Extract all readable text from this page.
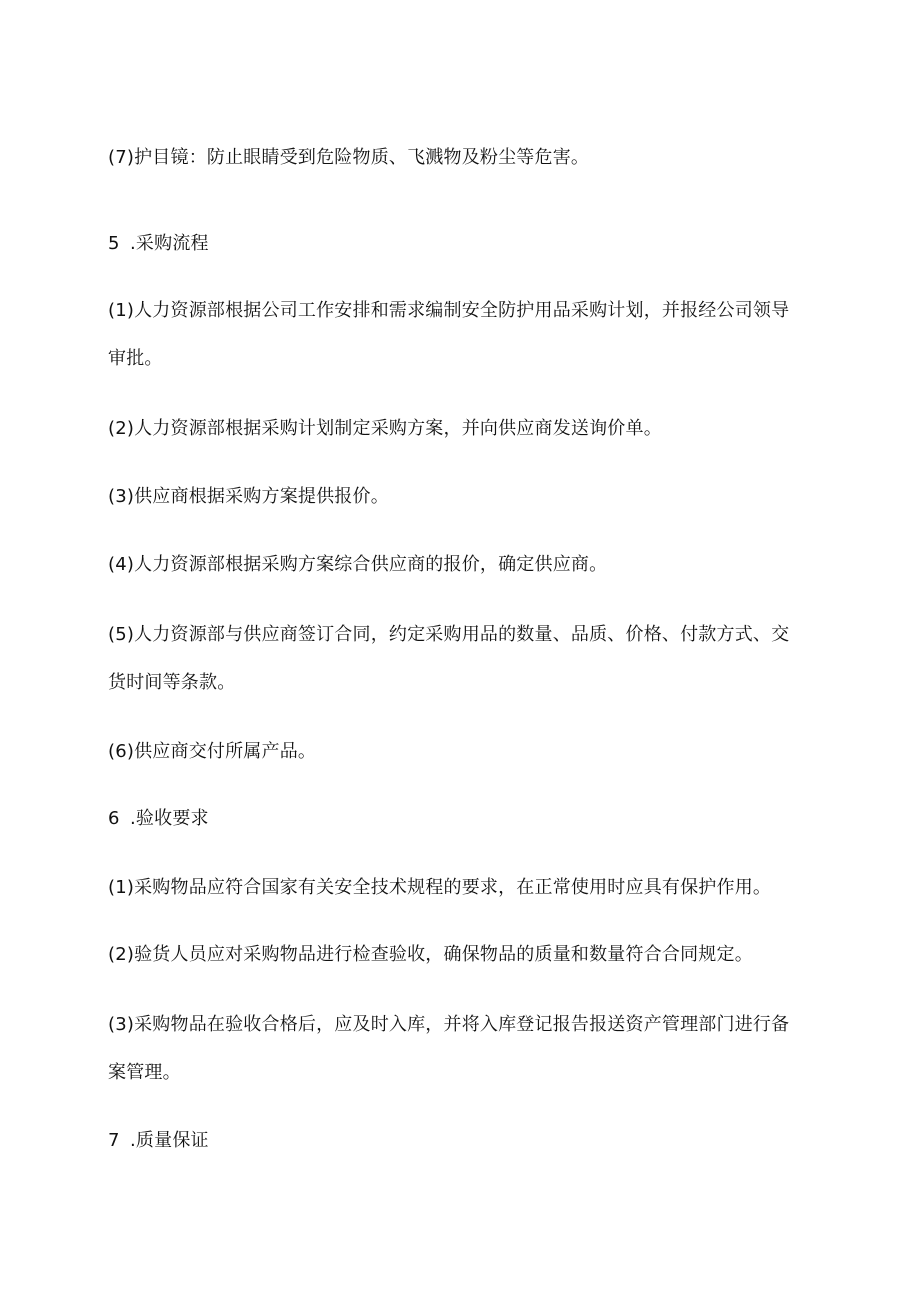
(7)护目镜：防止眼睛受到危险物质、飞溅物及粉尘等危害。
5 .采购流程
(1)人力资源部根据公司工作安排和需求编制安全防护用品采购计划，并报经公司领导
审批。
(2)人力资源部根据采购计划制定采购方案，并向供应商发送询价单。
(3)供应商根据采购方案提供报价。
(4)人力资源部根据采购方案综合供应商的报价，确定供应商。
(5)人力资源部与供应商签订合同，约定采购用品的数量、品质、价格、付款方式、交
货时间等条款。
(6)供应商交付所属产品。
6 .验收要求
(1)采购物品应符合国家有关安全技术规程的要求，在正常使用时应具有保护作用。
(2)验货人员应对采购物品进行检查验收，确保物品的质量和数量符合合同规定。
(3)采购物品在验收合格后，应及时入库，并将入库登记报告报送资产管理部门进行备
案管理。
7 .质量保证
